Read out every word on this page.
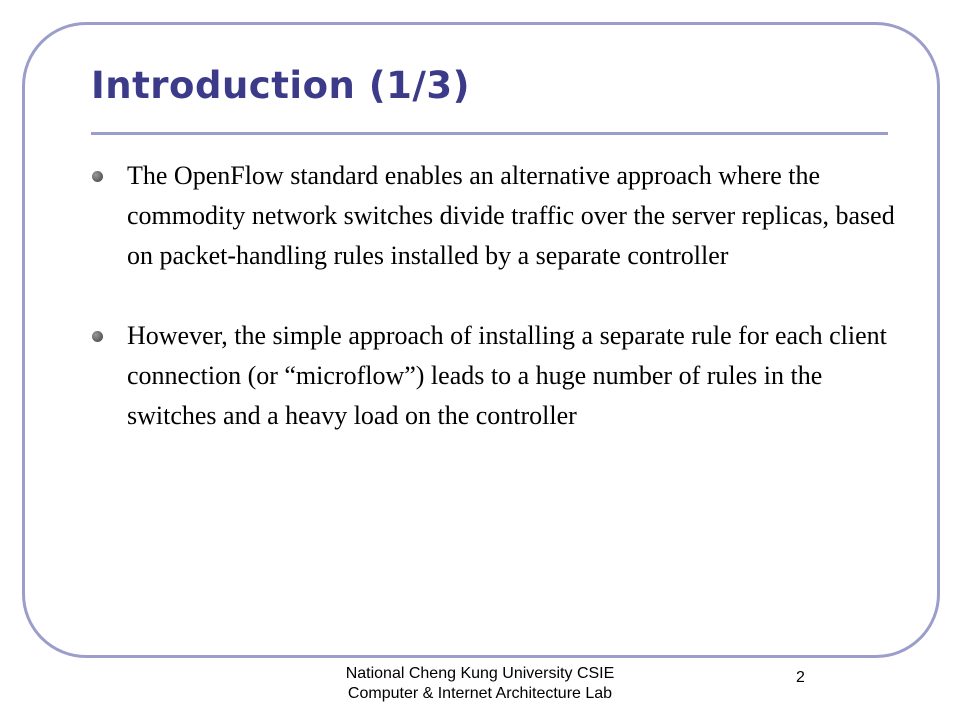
Introduction (1/3)
The OpenFlow standard enables an alternative approach where the commodity network switches divide traffic over the server replicas, based on packet-handling rules installed by a separate controller
However, the simple approach of installing a separate rule for each client connection (or “microflow”) leads to a huge number of rules in the switches and a heavy load on the controller

National Cheng Kung University CSIE
Computer & Internet Architecture Lab

2
